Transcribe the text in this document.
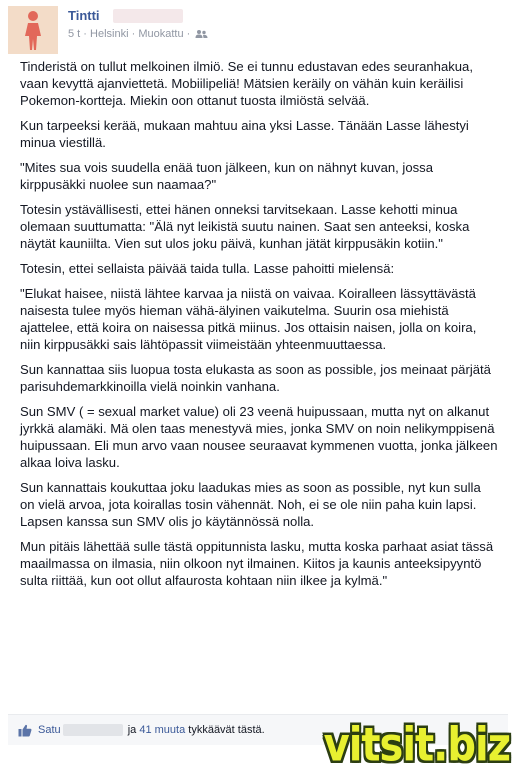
Tintti
5 t · Helsinki · Muokattu ·

Tinderistä on tullut melkoinen ilmiö. Se ei tunnu edustavan edes seuranhakua, vaan kevyttä ajanviettetä. Mobiilipeliä! Mätsien keräily on vähän kuin keräilisi Pokemon-kortteja. Miekin oon ottanut tuosta ilmiöstä selvää.

Kun tarpeeksi kerää, mukaan mahtuu aina yksi Lasse. Tänään Lasse lähestyi minua viestillä.

"Mites sua vois suudella enää tuon jälkeen, kun on nähnyt kuvan, jossa kirppusäkki nuolee sun naamaa?"

Totesin ystävällisesti, ettei hänen onneksi tarvitsekaan. Lasse kehotti minua olemaan suuttumatta: "Älä nyt leikistä suutu nainen. Saat sen anteeksi, koska näytät kauniilta. Vien sut ulos joku päivä, kunhan jätät kirppusäkin kotiin."

Totesin, ettei sellaista päivää taida tulla. Lasse pahoitti mielensä:

"Elukat haisee, niistä lähtee karvaa ja niistä on vaivaa. Koiralleen lässyttävästä naisesta tulee myös hieman vähä-älyinen vaikutelma. Suurin osa miehistä ajattelee, että koira on naisessa pitkä miinus. Jos ottaisin naisen, jolla on koira, niin kirppusäkki sais lähtöpassit viimeistään yhteenmuuttaessa.

Sun kannattaa siis luopua tosta elukasta as soon as possible, jos meinaat pärjätä parisuhdemarkkinoilla vielä noinkin vanhana.

Sun SMV ( = sexual market value) oli 23 veenä huipussaan, mutta nyt on alkanut jyrkkä alamäki. Mä olen taas menestyvä mies, jonka SMV on noin nelikymppisenä huipussaan. Eli mun arvo vaan nousee seuraavat kymmenen vuotta, jonka jälkeen alkaa loiva lasku.

Sun kannattais koukuttaa joku laadukas mies as soon as possible, nyt kun sulla on vielä arvoa, jota koirallas tosin vähennät. Noh, ei se ole niin paha kuin lapsi. Lapsen kanssa sun SMV olis jo käytännössä nolla.

Mun pitäis lähettää sulle tästä oppitunnista lasku, mutta koska parhaat asiat tässä maailmassa on ilmasia, niin olkoon nyt ilmainen. Kiitos ja kaunis anteeksipyyntö sulta riittää, kun oot ollut alfaurosta kohtaan niin ilkee ja kylmä."

Satu	ja 41 muuta tykkäävät tästä. vitsit.biz
